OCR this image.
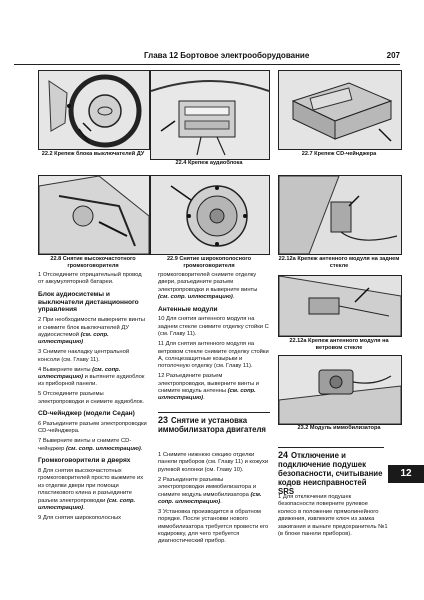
Глава 12 Бортовое электрооборудование	207
22.2 Крепеж блока выключателей ДУ
22.4 Крепеж аудиоблока
22.7 Крепеж CD-чейнджера
22.8 Снятие высокочастотного громкоговорителя
22.9 Снятие широкополосного громкоговорителя
22.12а Крепеж антенного модуля на заднем стекле
22.12а Крепеж антенного модуля на ветровом стекле
23.2 Модуль иммобилизатора

1 Отсоедините отрицательный провод от аккумуляторной батареи.

Блок аудиосистемы и выключатели дистанционного управления

2 При необходимости выверните винты и снимите блок выключателей ДУ аудиосистемой (см. сопр. иллюстрацию)

3 Снимите накладку центральной консоли (см. Главу 11).

4 Выверните винты (см. сопр. иллюстрацию) и вытяните аудиоблок из приборной панели.

5 Отсоедините разъемы электропроводки и снимите аудиоблок.

CD-чейнджер (модели Седан)

6 Разъедините разъем электропроводки CD-чейнджера.

7 Выверните винты и снимите CD-чейнджер (см. сопр. иллюстрацию).

Громкоговорители в дверях

8 Для снятия высокочастотных громкоговорителей просто выжмите их из отделки двери при помощи пластикового клина и разъедините разъем электропроводки (см. сопр. иллюстрацию).

9 Для снятия широкополосных

громкоговорителей снимите отделку двери, разъедините разъем электропроводки и выверните винты (см. сопр. иллюстрацию).

Антенные модули

10 Для снятия антенного модуля на заднем стекле снимите отделку стойки C (см. Главу 11).

11 Для снятия антенного модуля на ветровом стекле снимите отделку стойки A, солнцезащитные козырьки и потолочную отделку (см. Главу 11).

12 Разъедините разъем электропроводки, выверните винты и снимите модуль антенны (см. сопр. иллюстрацию).

23 Снятие и установка иммобилизатора двигателя

1 Снимите нижнюю секцию отделки панели приборов (см. Главу 11) и кожухи рулевой колонки (см. Главу 10).

2 Разъедините разъемы электропроводки иммобилизатора и снимите модуль иммобилизатора (см. сопр. иллюстрацию).

3 Установка производится в обратном порядке. После установки нового иммобилизатора требуется провести его кодировку, для чего требуется диагностический прибор.

24 Отключение и подключение подушек безопасности, считывание кодов неисправностей SRS

1 Для отключения подушек безопасности поверните рулевое колесо в положение прямолинейного движения, извлеките ключ из замка зажигания и выньте предохранитель №1 (в блоке панели приборов).

12
